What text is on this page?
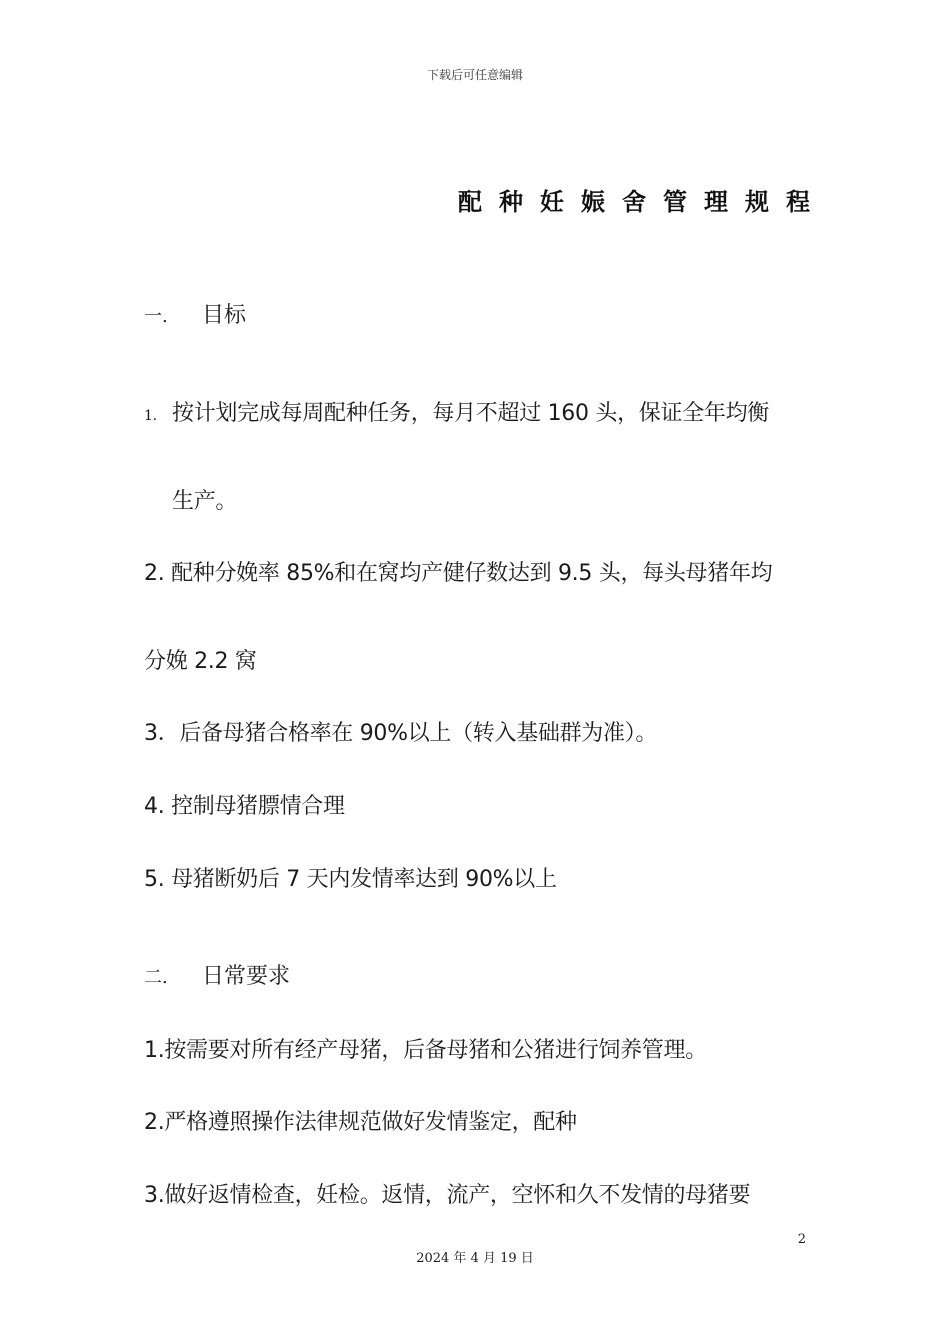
下载后可任意编辑
配种妊娠舍管理规程
一. 目标
1. 按计划完成每周配种任务，每月不超过 160 头，保证全年均衡
生产。
2. 配种分娩率 85%和在窝均产健仔数达到 9.5 头，每头母猪年均
分娩 2.2 窝
3．后备母猪合格率在 90%以上（转入基础群为准）。
4. 控制母猪膘情合理
5. 母猪断奶后 7 天内发情率达到 90%以上
二. 日常要求
1.按需要对所有经产母猪，后备母猪和公猪进行饲养管理。
2.严格遵照操作法律规范做好发情鉴定，配种
3.做好返情检查，妊检。返情，流产，空怀和久不发情的母猪要
2
2024 年 4 月 19 日
